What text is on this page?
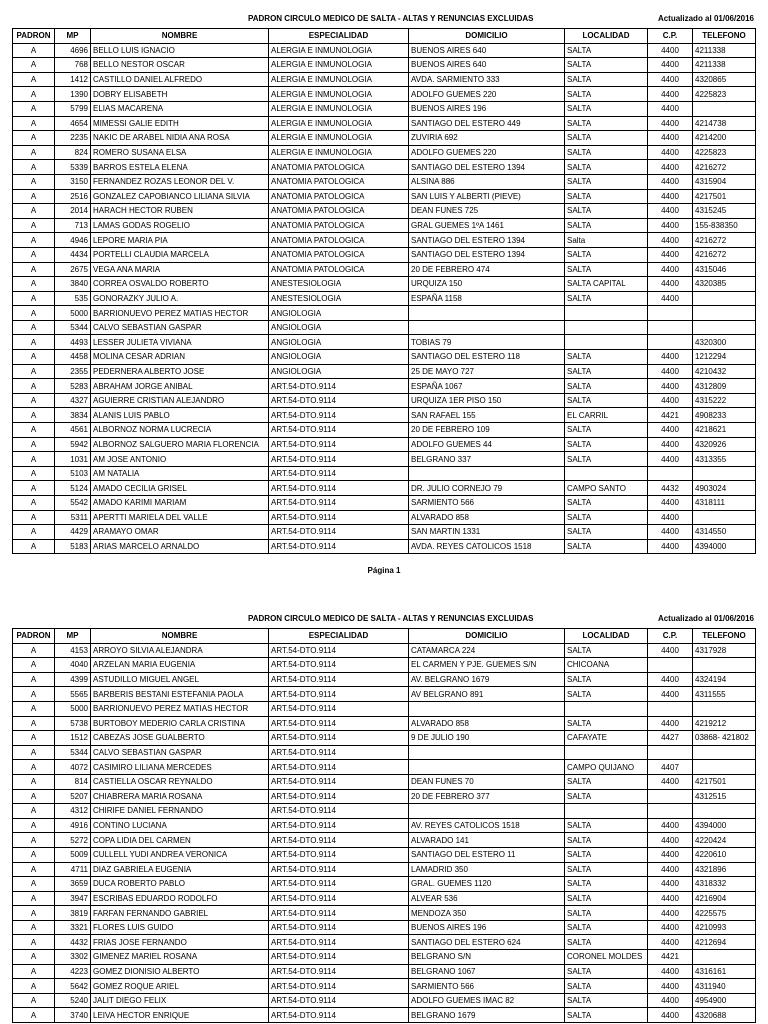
PADRON CIRCULO MEDICO DE SALTA - ALTAS Y RENUNCIAS EXCLUIDAS	Actualizado al 01/06/2016
PADRON	MP	NOMBRE	ESPECIALIDAD	DOMICILIO	LOCALIDAD	C.P.	TELEFONO
A	4696	BELLO LUIS IGNACIO	ALERGIA E INMUNOLOGIA	BUENOS AIRES 640	SALTA	4400	4211338
A	768	BELLO NESTOR OSCAR	ALERGIA E INMUNOLOGIA	BUENOS AIRES 640	SALTA	4400	4211338
A	1412	CASTILLO DANIEL ALFREDO	ALERGIA E INMUNOLOGIA	AVDA. SARMIENTO 333	SALTA	4400	4320865
A	1390	DOBRY ELISABETH	ALERGIA E INMUNOLOGIA	ADOLFO GUEMES 220	SALTA	4400	4225823
A	5799	ELIAS MACARENA	ALERGIA E INMUNOLOGIA	BUENOS AIRES 196	SALTA	4400	
A	4654	MIMESSI GALIE EDITH	ALERGIA E INMUNOLOGIA	SANTIAGO DEL ESTERO 449	SALTA	4400	4214738
A	2235	NAKIC DE ARABEL NIDIA ANA ROSA	ALERGIA E INMUNOLOGIA	ZUVIRIA 692	SALTA	4400	4214200
A	824	ROMERO SUSANA ELSA	ALERGIA E INMUNOLOGIA	ADOLFO GUEMES 220	SALTA	4400	4225823
A	5339	BARROS ESTELA ELENA	ANATOMIA PATOLOGICA	SANTIAGO DEL ESTERO 1394	SALTA	4400	4216272
A	3150	FERNANDEZ ROZAS LEONOR DEL V.	ANATOMIA PATOLOGICA	ALSINA 886	SALTA	4400	4315904
A	2516	GONZALEZ CAPOBIANCO LILIANA SILVIA	ANATOMIA PATOLOGICA	SAN LUIS Y ALBERTI (PIEVE)	SALTA	4400	4217501
A	2014	HARACH HECTOR RUBEN	ANATOMIA PATOLOGICA	DEAN FUNES 725	SALTA	4400	4315245
A	713	LAMAS GODAS ROGELIO	ANATOMIA PATOLOGICA	GRAL GUEMES 1ºA 1461	SALTA	4400	155-838350
A	4946	LEPORE MARIA PIA	ANATOMIA PATOLOGICA	SANTIAGO DEL ESTERO 1394	Salta	4400	4216272
A	4434	PORTELLI CLAUDIA MARCELA	ANATOMIA PATOLOGICA	SANTIAGO DEL ESTERO 1394	SALTA	4400	4216272
A	2675	VEGA ANA MARIA	ANATOMIA PATOLOGICA	20 DE FEBRERO 474	SALTA	4400	4315046
A	3840	CORREA OSVALDO ROBERTO	ANESTESIOLOGIA	URQUIZA 150	SALTA CAPITAL	4400	4320385
A	535	GONORAZKY JULIO A.	ANESTESIOLOGIA	ESPAÑA 1158	SALTA	4400	
A	5000	BARRIONUEVO PEREZ MATIAS HECTOR	ANGIOLOGIA				
A	5344	CALVO SEBASTIAN GASPAR	ANGIOLOGIA				
A	4493	LESSER JULIETA VIVIANA	ANGIOLOGIA	TOBIAS 79			4320300
A	4458	MOLINA CESAR ADRIAN	ANGIOLOGIA	SANTIAGO DEL ESTERO 118	SALTA	4400	1212294
A	2355	PEDERNERA ALBERTO JOSE	ANGIOLOGIA	25 DE MAYO 727	SALTA	4400	4210432
A	5283	ABRAHAM JORGE ANIBAL	ART.54-DTO.9114	ESPAÑA 1067	SALTA	4400	4312809
A	4327	AGUIERRE CRISTIAN ALEJANDRO	ART.54-DTO.9114	URQUIZA 1ER PISO 150	SALTA	4400	4315222
A	3834	ALANIS LUIS PABLO	ART.54-DTO.9114	SAN RAFAEL 155	EL CARRIL	4421	4908233
A	4561	ALBORNOZ NORMA LUCRECIA	ART.54-DTO.9114	20 DE FEBRERO 109	SALTA	4400	4218621
A	5942	ALBORNOZ SALGUERO MARIA FLORENCIA	ART.54-DTO.9114	ADOLFO GUEMES 44	SALTA	4400	4320926
A	1031	AM JOSE ANTONIO	ART.54-DTO.9114	BELGRANO 337	SALTA	4400	4313355
A	5103	AM NATALIA	ART.54-DTO.9114				
A	5124	AMADO CECILIA GRISEL	ART.54-DTO.9114	DR. JULIO CORNEJO 79	CAMPO SANTO	4432	4903024
A	5542	AMADO KARIMI MARIAM	ART.54-DTO.9114	SARMIENTO 566	SALTA	4400	4318111
A	5311	APERTTI MARIELA DEL VALLE	ART.54-DTO.9114	ALVARADO 858	SALTA	4400	
A	4429	ARAMAYO OMAR	ART.54-DTO.9114	SAN MARTIN 1331	SALTA	4400	4314550
A	5183	ARIAS MARCELO ARNALDO	ART.54-DTO.9114	AVDA. REYES CATOLICOS 1518	SALTA	4400	4394000
Página 1
PADRON CIRCULO MEDICO DE SALTA - ALTAS Y RENUNCIAS EXCLUIDAS	Actualizado al 01/06/2016
PADRON	MP	NOMBRE	ESPECIALIDAD	DOMICILIO	LOCALIDAD	C.P.	TELEFONO
A	4153	ARROYO SILVIA ALEJANDRA	ART.54-DTO.9114	CATAMARCA 224	SALTA	4400	4317928
A	4040	ARZELAN MARIA EUGENIA	ART.54-DTO.9114	EL CARMEN Y PJE. GUEMES S/N	CHICOANA		
A	4399	ASTUDILLO MIGUEL ANGEL	ART.54-DTO.9114	AV. BELGRANO 1679	SALTA	4400	4324194
A	5565	BARBERIS BESTANI ESTEFANIA PAOLA	ART.54-DTO.9114	AV BELGRANO 891	SALTA	4400	4311555
A	5000	BARRIONUEVO PEREZ MATIAS HECTOR	ART.54-DTO.9114				
A	5738	BURTOBOY MEDERIO CARLA CRISTINA	ART.54-DTO.9114	ALVARADO 858	SALTA	4400	4219212
A	1512	CABEZAS JOSE GUALBERTO	ART.54-DTO.9114	9 DE JULIO 190	CAFAYATE	4427	03868- 421802
A	5344	CALVO SEBASTIAN GASPAR	ART.54-DTO.9114				
A	4072	CASIMIRO LILIANA MERCEDES	ART.54-DTO.9114		CAMPO QUIJANO	4407	
A	814	CASTIELLA OSCAR REYNALDO	ART.54-DTO.9114	DEAN FUNES 70	SALTA	4400	4217501
A	5207	CHIABRERA MARIA ROSANA	ART.54-DTO.9114	20 DE FEBRERO 377	SALTA		4312515
A	4312	CHIRIFE DANIEL FERNANDO	ART.54-DTO.9114				
A	4916	CONTINO LUCIANA	ART.54-DTO.9114	AV. REYES CATOLICOS 1518	SALTA	4400	4394000
A	5272	COPA LIDIA DEL CARMEN	ART.54-DTO.9114	ALVARADO 141	SALTA	4400	4220424
A	5009	CULLELL YUDI ANDREA VERONICA	ART.54-DTO.9114	SANTIAGO DEL ESTERO 11	SALTA	4400	4220610
A	4711	DIAZ GABRIELA EUGENIA	ART.54-DTO.9114	LAMADRID 350	SALTA	4400	4321896
A	3659	DUCA ROBERTO PABLO	ART.54-DTO.9114	GRAL. GUEMES 1120	SALTA	4400	4318332
A	3947	ESCRIBAS EDUARDO RODOLFO	ART.54-DTO.9114	ALVEAR 536	SALTA	4400	4216904
A	3819	FARFAN FERNANDO GABRIEL	ART.54-DTO.9114	MENDOZA 350	SALTA	4400	4225575
A	3321	FLORES LUIS GUIDO	ART.54-DTO.9114	BUENOS AIRES 196	SALTA	4400	4210993
A	4432	FRIAS JOSE FERNANDO	ART.54-DTO.9114	SANTIAGO DEL ESTERO 624	SALTA	4400	4212694
A	3302	GIMENEZ MARIEL ROSANA	ART.54-DTO.9114	BELGRANO S/N	CORONEL MOLDES	4421	
A	4223	GOMEZ DIONISIO ALBERTO	ART.54-DTO.9114	BELGRANO 1067	SALTA	4400	4316161
A	5642	GOMEZ ROQUE ARIEL	ART.54-DTO.9114	SARMIENTO 566	SALTA	4400	4311940
A	5240	JALIT DIEGO FELIX	ART.54-DTO.9114	ADOLFO GUEMES IMAC 82	SALTA	4400	4954900
A	3740	LEIVA HECTOR ENRIQUE	ART.54-DTO.9114	BELGRANO 1679	SALTA	4400	4320688
